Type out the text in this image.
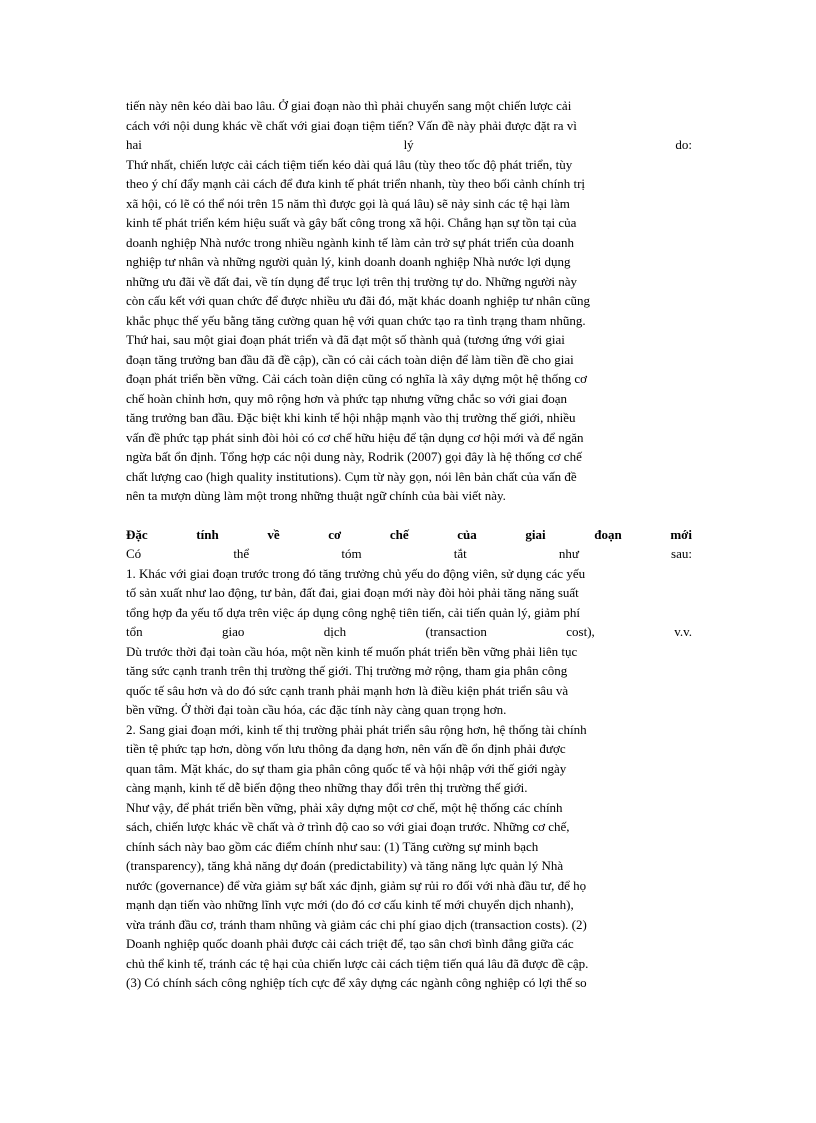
tiến này nên kéo dài bao lâu. Ở giai đoạn nào thì phải chuyển sang một chiến lược cải
cách với nội dung khác về chất với giai đoạn tiệm tiến? Vấn đề này phải được đặt ra vì
hai	lý	do:
Thứ nhất, chiến lược cải cách tiệm tiến kéo dài quá lâu (tùy theo tốc độ phát triển, tùy
theo ý chí đẩy mạnh cải cách để đưa kinh tế phát triển nhanh, tùy theo bối cảnh chính trị
xã hội, có lẽ có thể nói trên 15 năm thì được gọi là quá lâu) sẽ nảy sinh các tệ hại làm
kinh tế phát triển kém hiệu suất và gây bất công trong xã hội. Chẳng hạn sự tồn tại của
doanh nghiệp Nhà nước trong nhiều ngành kinh tế làm cản trở sự phát triển của doanh
nghiệp tư nhân và những người quản lý, kinh doanh doanh nghiệp Nhà nước lợi dụng
những ưu đãi về đất đai, về tín dụng để trục lợi trên thị trường tự do. Những người này
còn cấu kết với quan chức để được nhiều ưu đãi đó, mặt khác doanh nghiệp tư nhân cũng
khắc phục thế yếu bằng tăng cường quan hệ với quan chức tạo ra tình trạng tham nhũng.
Thứ hai, sau một giai đoạn phát triển và đã đạt một số thành quả (tương ứng với giai
đoạn tăng trưởng ban đầu đã đề cập), cần có cải cách toàn diện để làm tiền đề cho giai
đoạn phát triển bền vững. Cải cách toàn diện cũng có nghĩa là xây dựng một hệ thống cơ
chế hoàn chỉnh hơn, quy mô rộng hơn và phức tạp nhưng vững chắc so với giai đoạn
tăng trưởng ban đầu. Đặc biệt khi kinh tế hội nhập mạnh vào thị trường thế giới, nhiều
vấn đề phức tạp phát sinh đòi hỏi có cơ chế hữu hiệu để tận dụng cơ hội mới và để ngăn
ngừa bất ổn định. Tổng hợp các nội dung này, Rodrik (2007) gọi đây là hệ thống cơ chế
chất lượng cao (high quality institutions). Cụm từ này gọn, nói lên bản chất của vấn đề
nên ta mượn dùng làm một trong những thuật ngữ chính của bài viết này.
Đặc	tính	về	cơ	chế	của	giai	đoạn	mới
Có	thể	tóm	tắt	như	sau:
1. Khác với giai đoạn trước trong đó tăng trưởng chủ yếu do động viên, sử dụng các yếu
tố sản xuất như lao động, tư bản, đất đai, giai đoạn mới này đòi hỏi phải tăng năng suất
tổng hợp đa yếu tố dựa trên việc áp dụng công nghệ tiên tiến, cải tiến quản lý, giảm phí
tổn	giao	dịch	(transaction	cost),	v.v.
Dù trước thời đại toàn cầu hóa, một nền kinh tế muốn phát triển bền vững phải liên tục
tăng sức cạnh tranh trên thị trường thế giới. Thị trường mở rộng, tham gia phân công
quốc tế sâu hơn và do đó sức cạnh tranh phải mạnh hơn là điều kiện phát triển sâu và
bền vững. Ở thời đại toàn cầu hóa, các đặc tính này càng quan trọng hơn.
2. Sang giai đoạn mới, kinh tế thị trường phải phát triển sâu rộng hơn, hệ thống tài chính
tiền tệ phức tạp hơn, dòng vốn lưu thông đa dạng hơn, nên vấn đề ổn định phải được
quan tâm. Mặt khác, do sự tham gia phân công quốc tế và hội nhập với thế giới ngày
càng mạnh, kinh tế dễ biến động theo những thay đổi trên thị trường thế giới.
Như vậy, để phát triển bền vững, phải xây dựng một cơ chế, một hệ thống các chính
sách, chiến lược khác về chất và ở trình độ cao so với giai đoạn trước. Những cơ chế,
chính sách này bao gồm các điểm chính như sau: (1) Tăng cường sự minh bạch
(transparency), tăng khả năng dự đoán (predictability) và tăng năng lực quản lý Nhà
nước (governance) để vừa giảm sự bất xác định, giảm sự rủi ro đối với nhà đầu tư, để họ
mạnh dạn tiến vào những lĩnh vực mới (do đó cơ cấu kinh tế mới chuyển dịch nhanh),
vừa tránh đầu cơ, tránh tham nhũng và giảm các chi phí giao dịch (transaction costs). (2)
Doanh nghiệp quốc doanh phải được cải cách triệt để, tạo sân chơi bình đẳng giữa các
chủ thể kinh tế, tránh các tệ hại của chiến lược cải cách tiệm tiến quá lâu đã được đề cập.
(3) Có chính sách công nghiệp tích cực để xây dựng các ngành công nghiệp có lợi thế so
